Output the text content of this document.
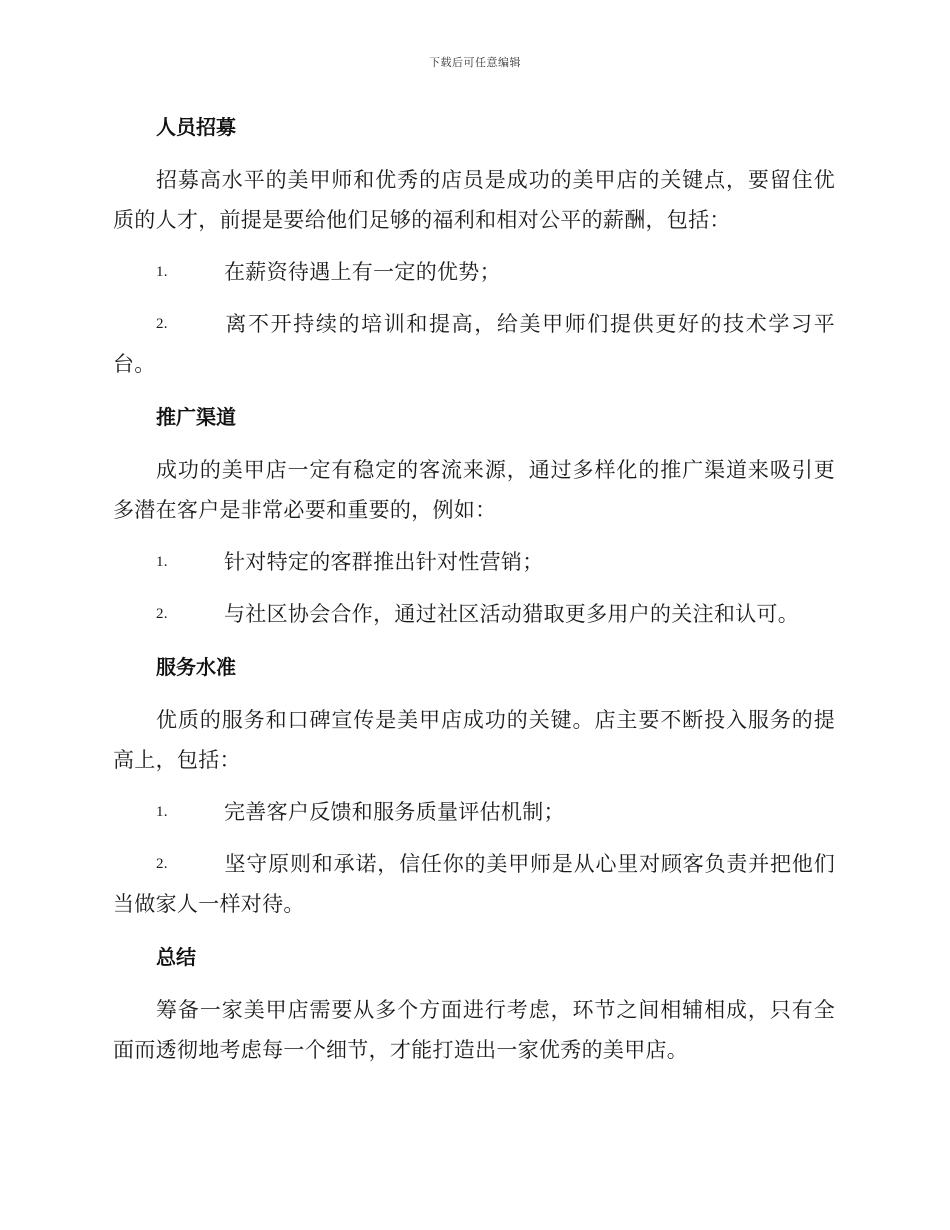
下载后可任意编辑
人员招募

招募高水平的美甲师和优秀的店员是成功的美甲店的关键点，要留住优质的人才，前提是要给他们足够的福利和相对公平的薪酬，包括：

1.	在薪资待遇上有一定的优势；
2.	离不开持续的培训和提高，给美甲师们提供更好的技术学习平台。
推广渠道

成功的美甲店一定有稳定的客流来源，通过多样化的推广渠道来吸引更多潜在客户是非常必要和重要的，例如：

1.	针对特定的客群推出针对性营销；
2.	与社区协会合作，通过社区活动猎取更多用户的关注和认可。
服务水准

优质的服务和口碑宣传是美甲店成功的关键。店主要不断投入服务的提高上，包括：

1.	完善客户反馈和服务质量评估机制；
2.	坚守原则和承诺，信任你的美甲师是从心里对顾客负责并把他们当做家人一样对待。
总结

筹备一家美甲店需要从多个方面进行考虑，环节之间相辅相成，只有全面而透彻地考虑每一个细节，才能打造出一家优秀的美甲店。
